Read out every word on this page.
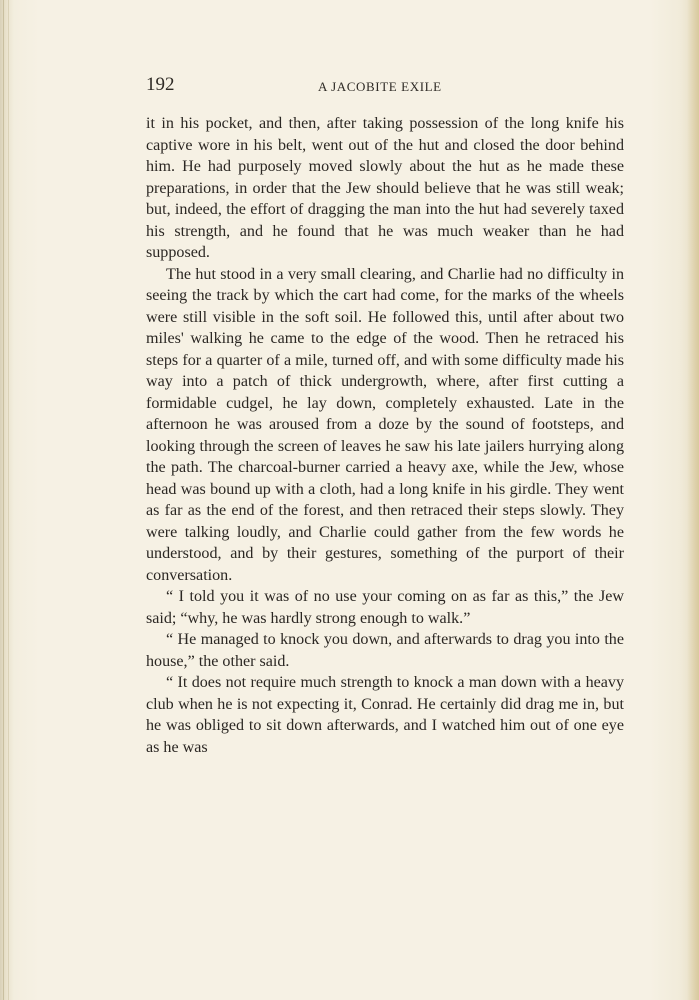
192	A JACOBITE EXILE

it in his pocket, and then, after taking possession of the long knife his captive wore in his belt, went out of the hut and closed the door behind him. He had purposely moved slowly about the hut as he made these preparations, in order that the Jew should believe that he was still weak; but, indeed, the effort of dragging the man into the hut had severely taxed his strength, and he found that he was much weaker than he had supposed.

The hut stood in a very small clearing, and Charlie had no difficulty in seeing the track by which the cart had come, for the marks of the wheels were still visible in the soft soil. He followed this, until after about two miles' walking he came to the edge of the wood. Then he retraced his steps for a quarter of a mile, turned off, and with some difficulty made his way into a patch of thick undergrowth, where, after first cutting a formidable cudgel, he lay down, completely exhausted. Late in the afternoon he was aroused from a doze by the sound of footsteps, and looking through the screen of leaves he saw his late jailers hurrying along the path. The charcoal-burner carried a heavy axe, while the Jew, whose head was bound up with a cloth, had a long knife in his girdle. They went as far as the end of the forest, and then retraced their steps slowly. They were talking loudly, and Charlie could gather from the few words he understood, and by their gestures, something of the purport of their conversation.

“ I told you it was of no use your coming on as far as this,” the Jew said; “why, he was hardly strong enough to walk.”

“ He managed to knock you down, and afterwards to drag you into the house,” the other said.

“ It does not require much strength to knock a man down with a heavy club when he is not expecting it, Conrad. He certainly did drag me in, but he was obliged to sit down afterwards, and I watched him out of one eye as he was
